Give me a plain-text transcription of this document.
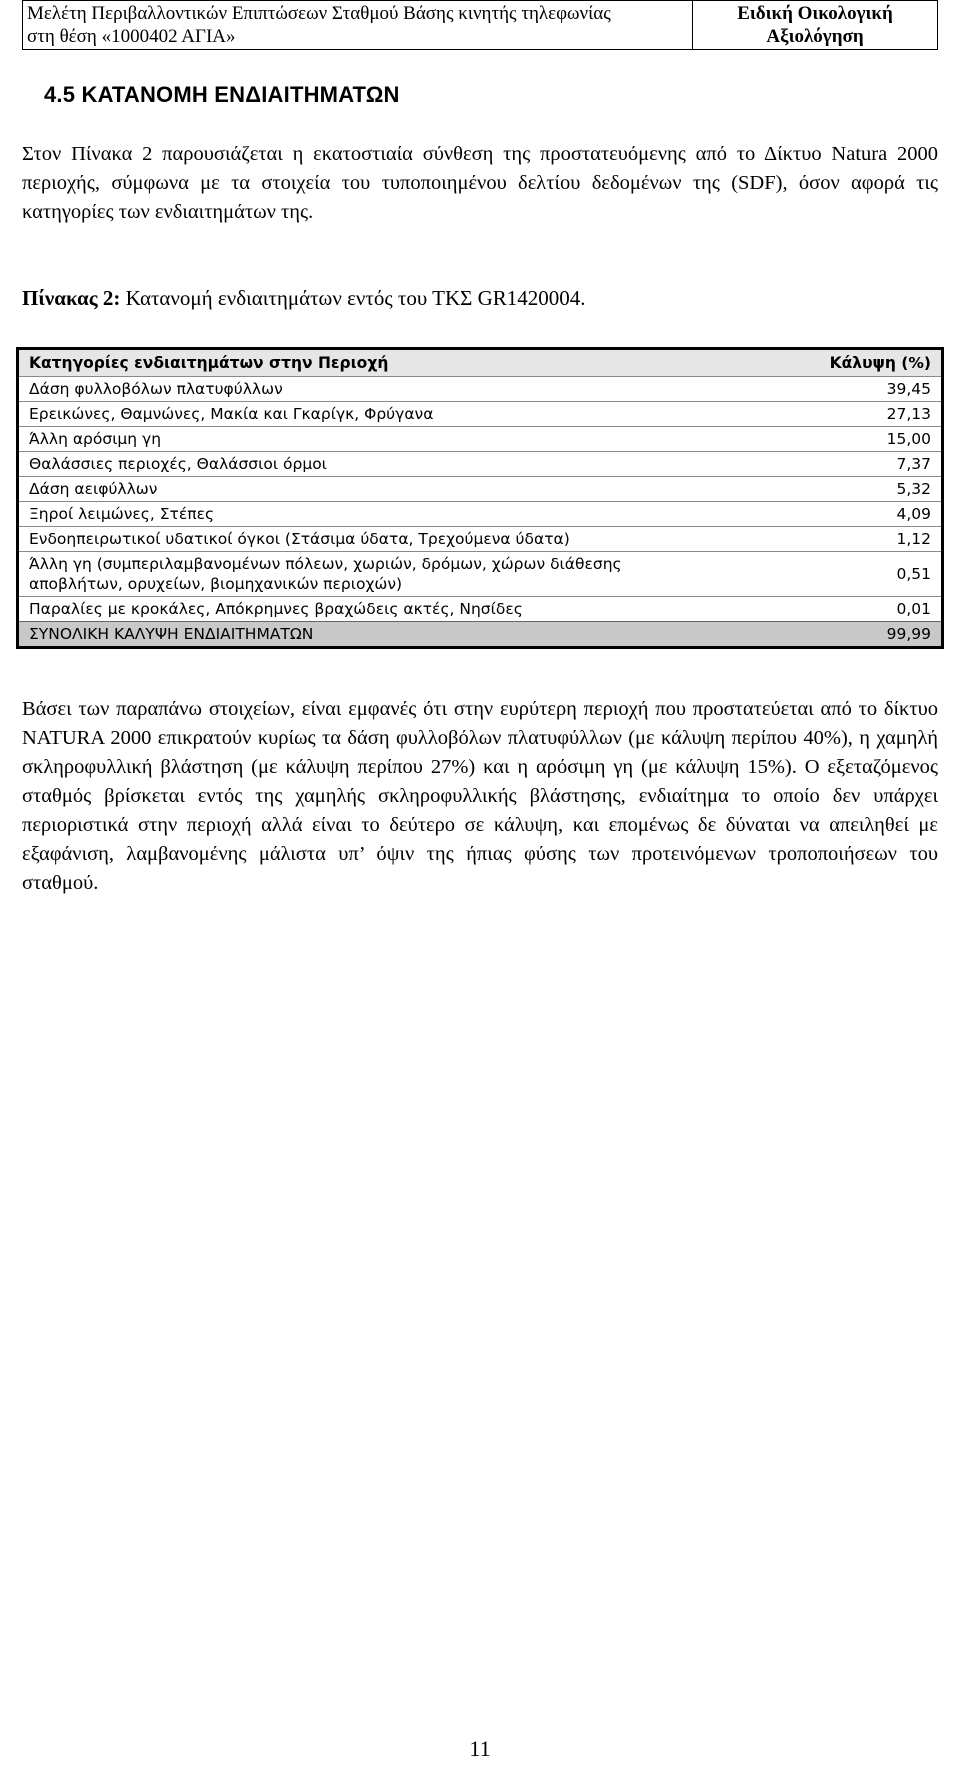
Μελέτη Περιβαλλοντικών Επιπτώσεων Σταθμού Βάσης κινητής τηλεφωνίας
στη θέση «1000402 ΑΓΙΑ»
Ειδική Οικολογική
Αξιολόγηση
4.5 ΚΑΤΑΝΟΜΗ ΕΝΔΙΑΙΤΗΜΑΤΩΝ
Στον Πίνακα 2 παρουσιάζεται η εκατοστιαία σύνθεση της προστατευόμενης από το Δίκτυο Natura 2000 περιοχής, σύμφωνα με τα στοιχεία του τυποποιημένου δελτίου δεδομένων της (SDF), όσον αφορά τις κατηγορίες των ενδιαιτημάτων της.
Πίνακας 2: Κατανομή ενδιαιτημάτων εντός του ΤΚΣ GR1420004.
Κατηγορίες ενδιαιτημάτων στην Περιοχή	Κάλυψη (%)
Δάση φυλλοβόλων πλατυφύλλων	39,45
Ερεικώνες, Θαμνώνες, Μακία και Γκαρίγκ, Φρύγανα	27,13
Άλλη αρόσιμη γη	15,00
Θαλάσσιες περιοχές, Θαλάσσιοι όρμοι	7,37
Δάση αειφύλλων	5,32
Ξηροί λειμώνες, Στέπες	4,09
Ενδοηπειρωτικοί υδατικοί όγκοι (Στάσιμα ύδατα, Τρεχούμενα ύδατα)	1,12

Άλλη γη (συμπεριλαμβανομένων πόλεων, χωριών, δρόμων, χώρων διάθεσης
αποβλήτων, ορυχείων, βιομηχανικών περιοχών)	0,51
Παραλίες με κροκάλες, Απόκρημνες βραχώδεις ακτές, Νησίδες	0,01
ΣΥΝΟΛΙΚΗ ΚΑΛΥΨΗ ΕΝΔΙΑΙΤΗΜΑΤΩΝ	99,99
Βάσει των παραπάνω στοιχείων, είναι εμφανές ότι στην ευρύτερη περιοχή που προστατεύεται από το δίκτυο NATURA 2000 επικρατούν κυρίως τα δάση φυλλοβόλων πλατυφύλλων (με κάλυψη περίπου 40%), η χαμηλή σκληροφυλλική βλάστηση (με κάλυψη περίπου 27%) και η αρόσιμη γη (με κάλυψη 15%). Ο εξεταζόμενος σταθμός βρίσκεται εντός της χαμηλής σκληροφυλλικής βλάστησης, ενδιαίτημα το οποίο δεν υπάρχει περιοριστικά στην περιοχή αλλά είναι το δεύτερο σε κάλυψη, και επομένως δε δύναται να απειληθεί με εξαφάνιση, λαμβανομένης μάλιστα υπ’ όψιν της ήπιας φύσης των προτεινόμενων τροποποιήσεων του σταθμού.
11
